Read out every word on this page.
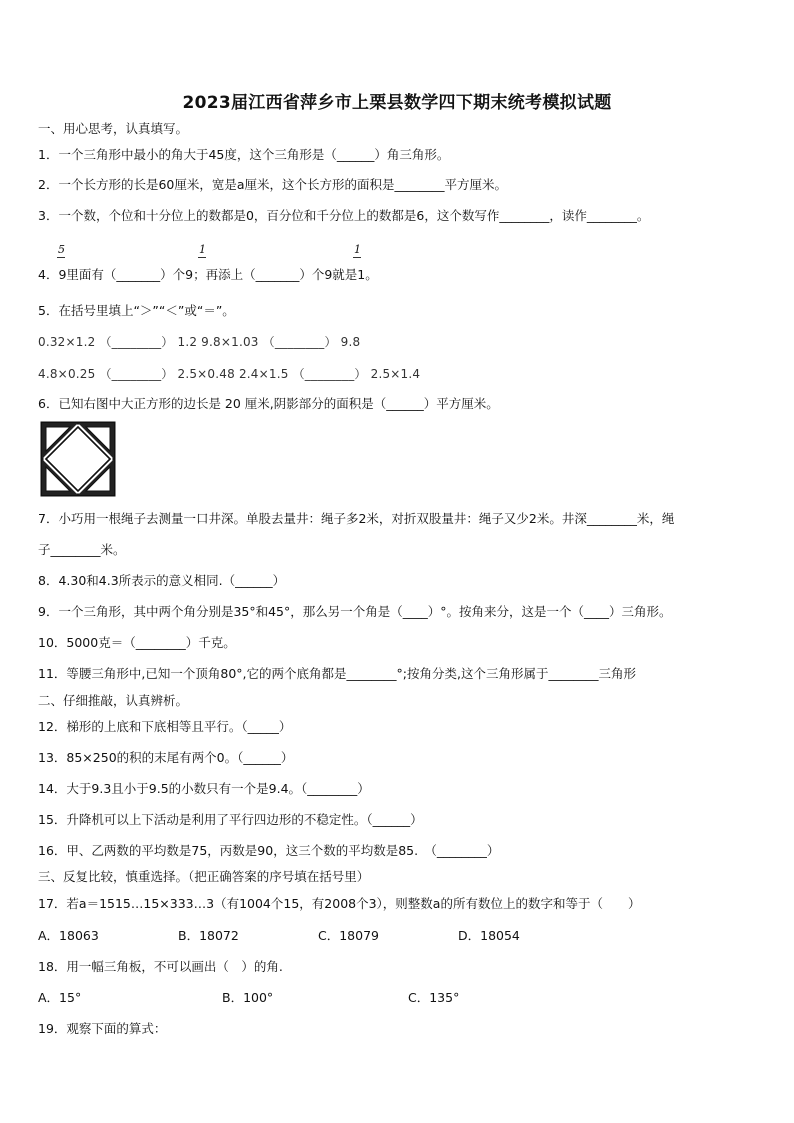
2023届江西省萍乡市上栗县数学四下期末统考模拟试题
一、用心思考，认真填写。
1．一个三角形中最小的角大于45度，这个三角形是（______）角三角形。
2．一个长方形的长是60厘米，宽是a厘米，这个长方形的面积是________平方厘米。
3．一个数，个位和十分位上的数都是0，百分位和千分位上的数都是6，这个数写作________，读作________。
5	1	1
4．9里面有（_______）个9；再添上（_______）个9就是1。
5．在括号里填上“＞”“＜”或“＝”。
0.32×1.2 （________） 1.2 9.8×1.03 （________） 9.8
4.8×0.25 （________） 2.5×0.48 2.4×1.5 （________） 2.5×1.4
6．已知右图中大正方形的边长是 20 厘米,阴影部分的面积是（______）平方厘米。
7．小巧用一根绳子去测量一口井深。单股去量井：绳子多2米，对折双股量井：绳子又少2米。井深________米，绳
子________米。
8．4.30和4.3所表示的意义相同.（______）
9．一个三角形，其中两个角分别是35°和45°，那么另一个角是（____）°。按角来分，这是一个（____）三角形。
10．5000克＝（________）千克。
11．等腰三角形中,已知一个顶角80°,它的两个底角都是________°;按角分类,这个三角形属于________三角形
二、仔细推敲，认真辨析。
12．梯形的上底和下底相等且平行。（_____）
13．85×250的积的末尾有两个0。（______）
14．大于9.3且小于9.5的小数只有一个是9.4。（________）
15．升降机可以上下活动是利用了平行四边形的不稳定性。（______）
16．甲、乙两数的平均数是75，丙数是90，这三个数的平均数是85.　（________）
三、反复比较，慎重选择。（把正确答案的序号填在括号里）
17．若a＝1515…15×333…3（有1004个15，有2008个3），则整数a的所有数位上的数字和等于（　　）
A．18063	B．18072	C．18079	D．18054
18．用一幅三角板，不可以画出（　）的角.
A．15°	B．100°	C．135°
19．观察下面的算式：
